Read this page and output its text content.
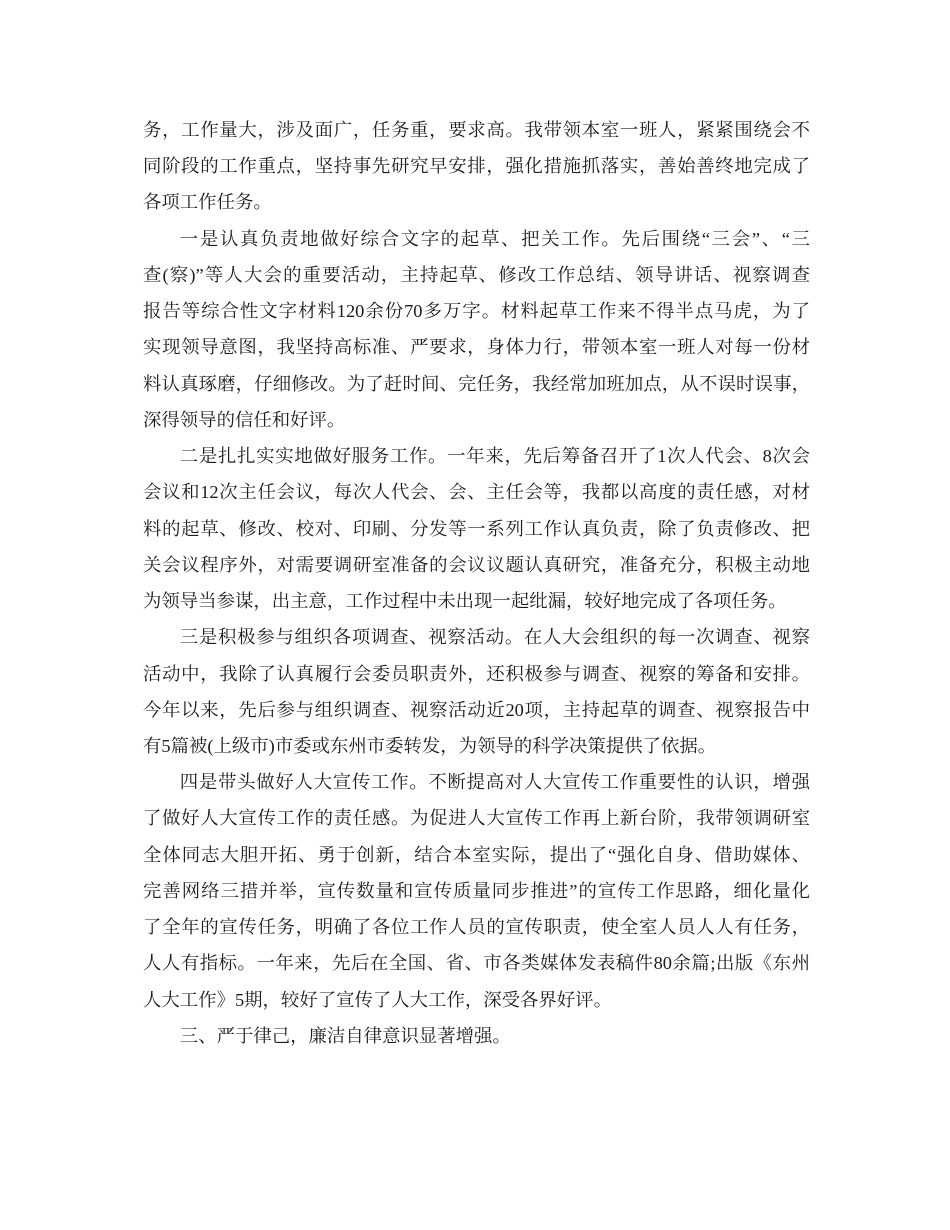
务，工作量大，涉及面广，任务重，要求高。我带领本室一班人，紧紧围绕会不
同阶段的工作重点，坚持事先研究早安排，强化措施抓落实，善始善终地完成了
各项工作任务。
一是认真负责地做好综合文字的起草、把关工作。先后围绕“三会”、“三
查(察)”等人大会的重要活动，主持起草、修改工作总结、领导讲话、视察调查
报告等综合性文字材料120余份70多万字。材料起草工作来不得半点马虎，为了
实现领导意图，我坚持高标准、严要求，身体力行，带领本室一班人对每一份材
料认真琢磨，仔细修改。为了赶时间、完任务，我经常加班加点，从不误时误事，
深得领导的信任和好评。
二是扎扎实实地做好服务工作。一年来，先后筹备召开了1次人代会、8次会
会议和12次主任会议，每次人代会、会、主任会等，我都以高度的责任感，对材
料的起草、修改、校对、印刷、分发等一系列工作认真负责，除了负责修改、把
关会议程序外，对需要调研室准备的会议议题认真研究，准备充分，积极主动地
为领导当参谋，出主意，工作过程中未出现一起纰漏，较好地完成了各项任务。
三是积极参与组织各项调查、视察活动。在人大会组织的每一次调查、视察
活动中，我除了认真履行会委员职责外，还积极参与调查、视察的筹备和安排。
今年以来，先后参与组织调查、视察活动近20项，主持起草的调查、视察报告中
有5篇被(上级市)市委或东州市委转发，为领导的科学决策提供了依据。
四是带头做好人大宣传工作。不断提高对人大宣传工作重要性的认识，增强
了做好人大宣传工作的责任感。为促进人大宣传工作再上新台阶，我带领调研室
全体同志大胆开拓、勇于创新，结合本室实际，提出了“强化自身、借助媒体、
完善网络三措并举，宣传数量和宣传质量同步推进”的宣传工作思路，细化量化
了全年的宣传任务，明确了各位工作人员的宣传职责，使全室人员人人有任务，
人人有指标。一年来，先后在全国、省、市各类媒体发表稿件80余篇;出版《东州
人大工作》5期，较好了宣传了人大工作，深受各界好评。
三、严于律己，廉洁自律意识显著增强。
